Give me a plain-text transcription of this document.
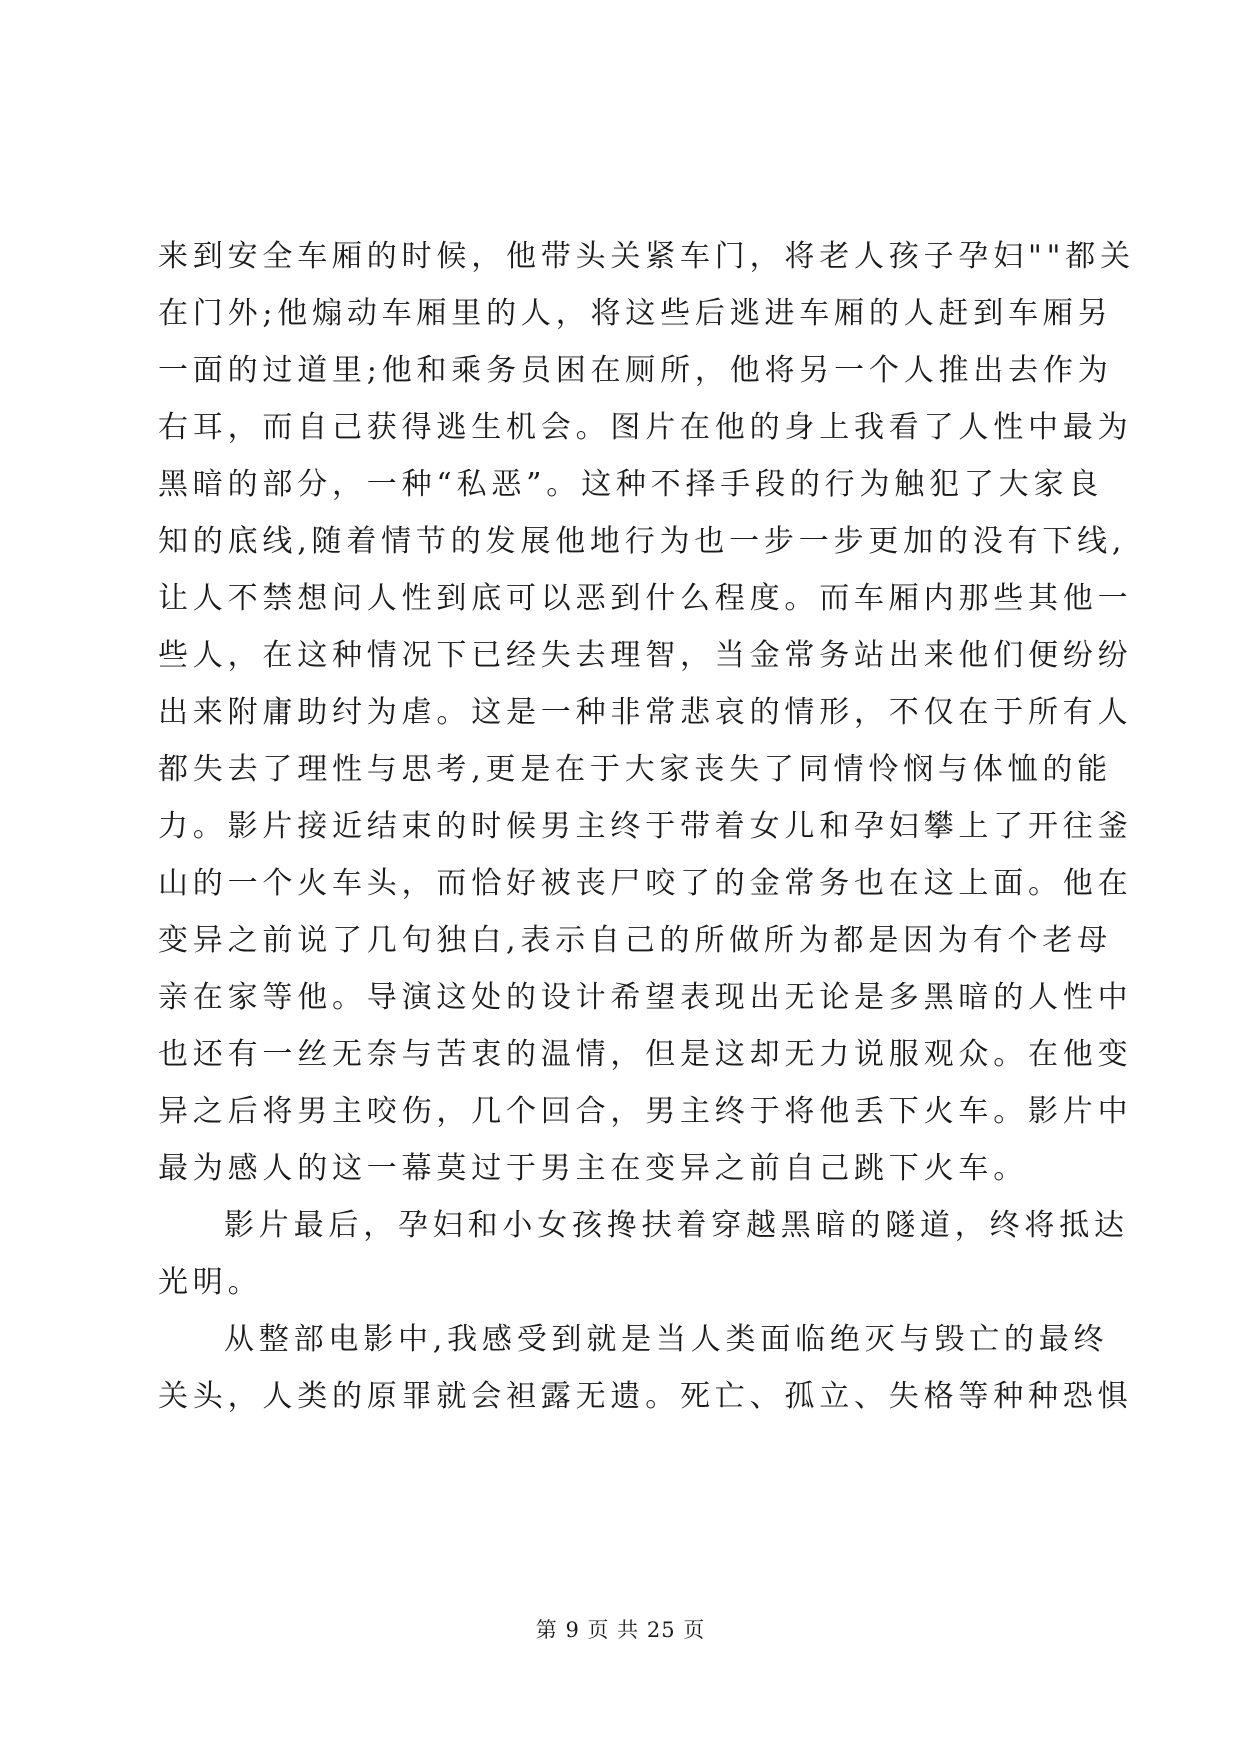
来到安全车厢的时候，他带头关紧车门，将老人孩子孕妇""都关
在门外;他煽动车厢里的人，将这些后逃进车厢的人赶到车厢另
一面的过道里;他和乘务员困在厕所，他将另一个人推出去作为
右耳，而自己获得逃生机会。图片在他的身上我看了人性中最为
黑暗的部分，一种“私恶”。这种不择手段的行为触犯了大家良
知的底线,随着情节的发展他地行为也一步一步更加的没有下线,
让人不禁想问人性到底可以恶到什么程度。而车厢内那些其他一
些人，在这种情况下已经失去理智，当金常务站出来他们便纷纷
出来附庸助纣为虐。这是一种非常悲哀的情形，不仅在于所有人
都失去了理性与思考,更是在于大家丧失了同情怜悯与体恤的能
力。影片接近结束的时候男主终于带着女儿和孕妇攀上了开往釜
山的一个火车头，而恰好被丧尸咬了的金常务也在这上面。他在
变异之前说了几句独白,表示自己的所做所为都是因为有个老母
亲在家等他。导演这处的设计希望表现出无论是多黑暗的人性中
也还有一丝无奈与苦衷的温情，但是这却无力说服观众。在他变
异之后将男主咬伤，几个回合，男主终于将他丢下火车。影片中
最为感人的这一幕莫过于男主在变异之前自己跳下火车。
影片最后，孕妇和小女孩搀扶着穿越黑暗的隧道，终将抵达
光明。
从整部电影中,我感受到就是当人类面临绝灭与毁亡的最终
关头，人类的原罪就会袒露无遗。死亡、孤立、失格等种种恐惧
第 9 页 共 25 页
